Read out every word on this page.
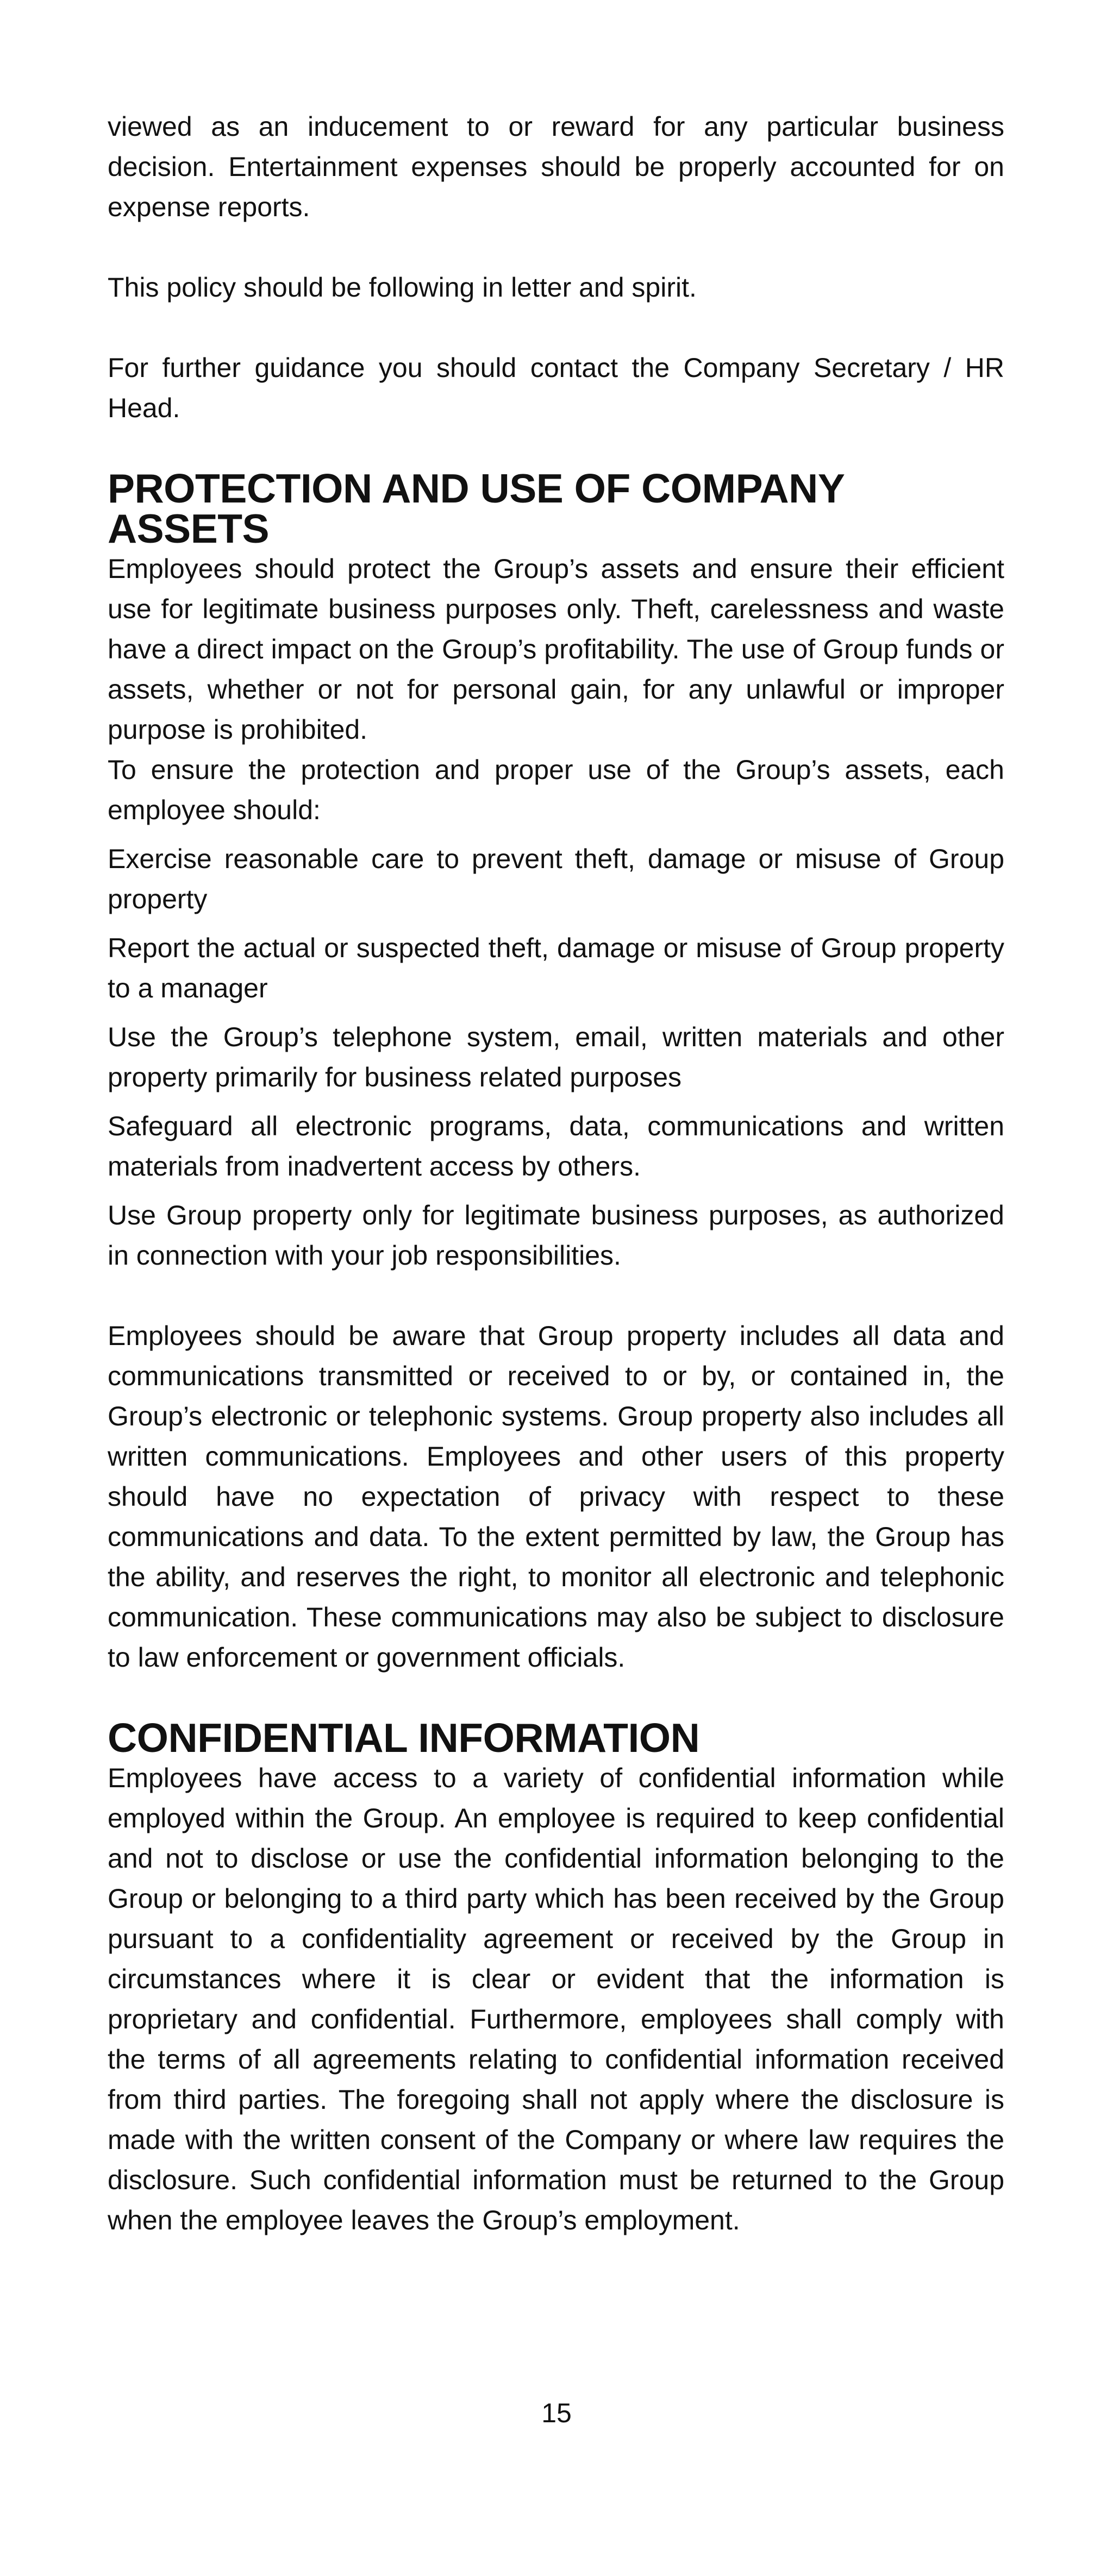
viewed as an inducement to or reward for any particular business decision. Entertainment expenses should be properly accounted for on expense reports.

This policy should be following in letter and spirit.

For further guidance you should contact the Company Secretary / HR Head.

PROTECTION AND USE OF COMPANY ASSETS

Employees should protect the Group’s assets and ensure their efficient use for legitimate business purposes only. Theft, carelessness and waste have a direct impact on the Group’s profitability. The use of Group funds or assets, whether or not for personal gain, for any unlawful or improper purpose is prohibited.

To ensure the protection and proper use of the Group’s assets, each employee should:

Exercise reasonable care to prevent theft, damage or misuse of Group property

Report the actual or suspected theft, damage or misuse of Group property to a manager

Use the Group’s telephone system, email, written materials and other property primarily for business related purposes

Safeguard all electronic programs, data, communications and written materials from inadvertent access by others.

Use Group property only for legitimate business purposes, as authorized in connection with your job responsibilities.

Employees should be aware that Group property includes all data and communications transmitted or received to or by, or contained in, the Group’s electronic or telephonic systems. Group property also includes all written communications. Employees and other users of this property should have no expectation of privacy with respect to these communications and data. To the extent permitted by law, the Group has the ability, and reserves the right, to monitor all electronic and telephonic communication. These communications may also be subject to disclosure to law enforcement or government officials.

CONFIDENTIAL INFORMATION

Employees have access to a variety of confidential information while employed within the Group. An employee is required to keep confidential and not to disclose or use the confidential information belonging to the Group or belonging to a third party which has been received by the Group pursuant to a confidentiality agreement or received by the Group in circumstances where it is clear or evident that the information is proprietary and confidential. Furthermore, employees shall comply with the terms of all agreements relating to confidential information received from third parties. The foregoing shall not apply where the disclosure is made with the written consent of the Company or where law requires the disclosure. Such confidential information must be returned to the Group when the employee leaves the Group’s employment.

15
